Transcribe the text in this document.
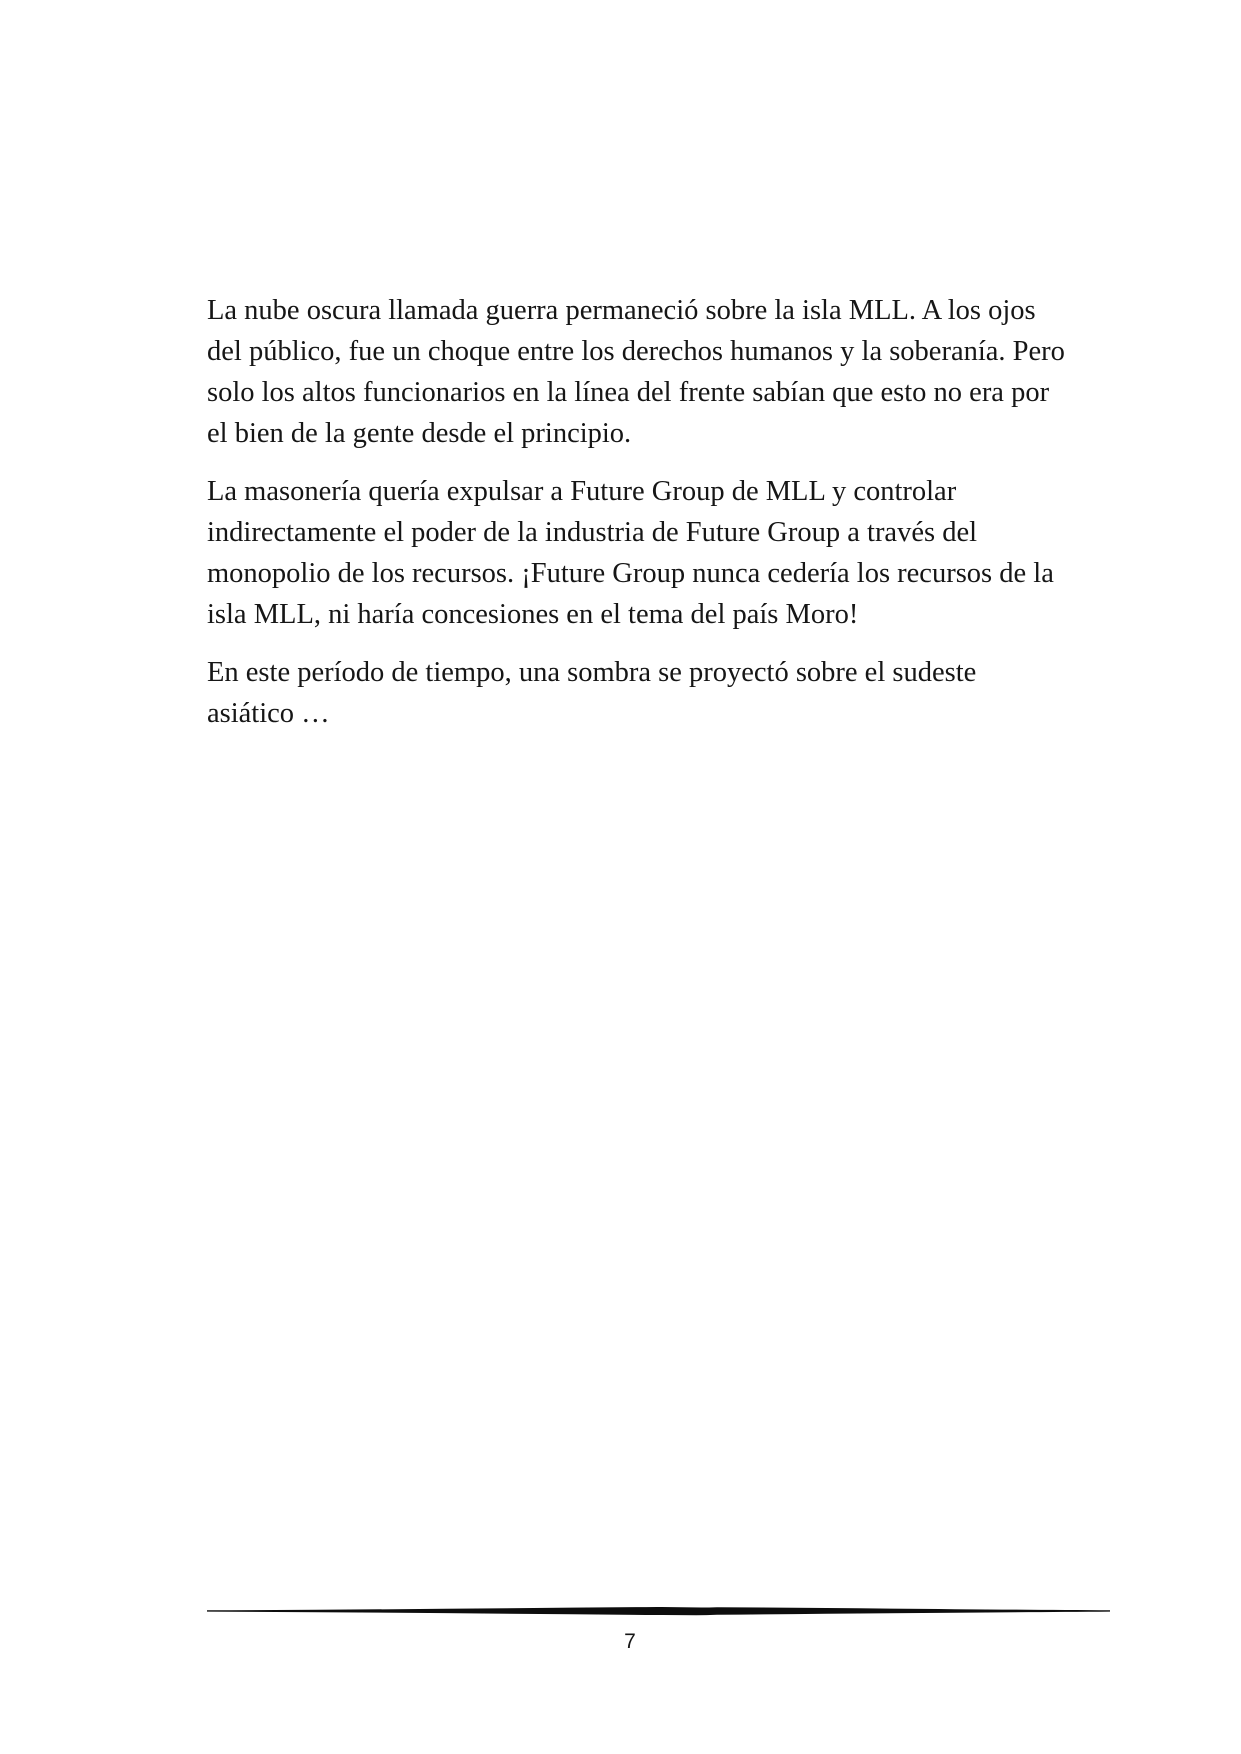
La nube oscura llamada guerra permaneció sobre la isla MLL. A los ojos del público, fue un choque entre los derechos humanos y la soberanía. Pero solo los altos funcionarios en la línea del frente sabían que esto no era por el bien de la gente desde el principio.

La masonería quería expulsar a Future Group de MLL y controlar indirectamente el poder de la industria de Future Group a través del monopolio de los recursos. ¡Future Group nunca cedería los recursos de la isla MLL, ni haría concesiones en el tema del país Moro!

En este período de tiempo, una sombra se proyectó sobre el sudeste asiático …

7
